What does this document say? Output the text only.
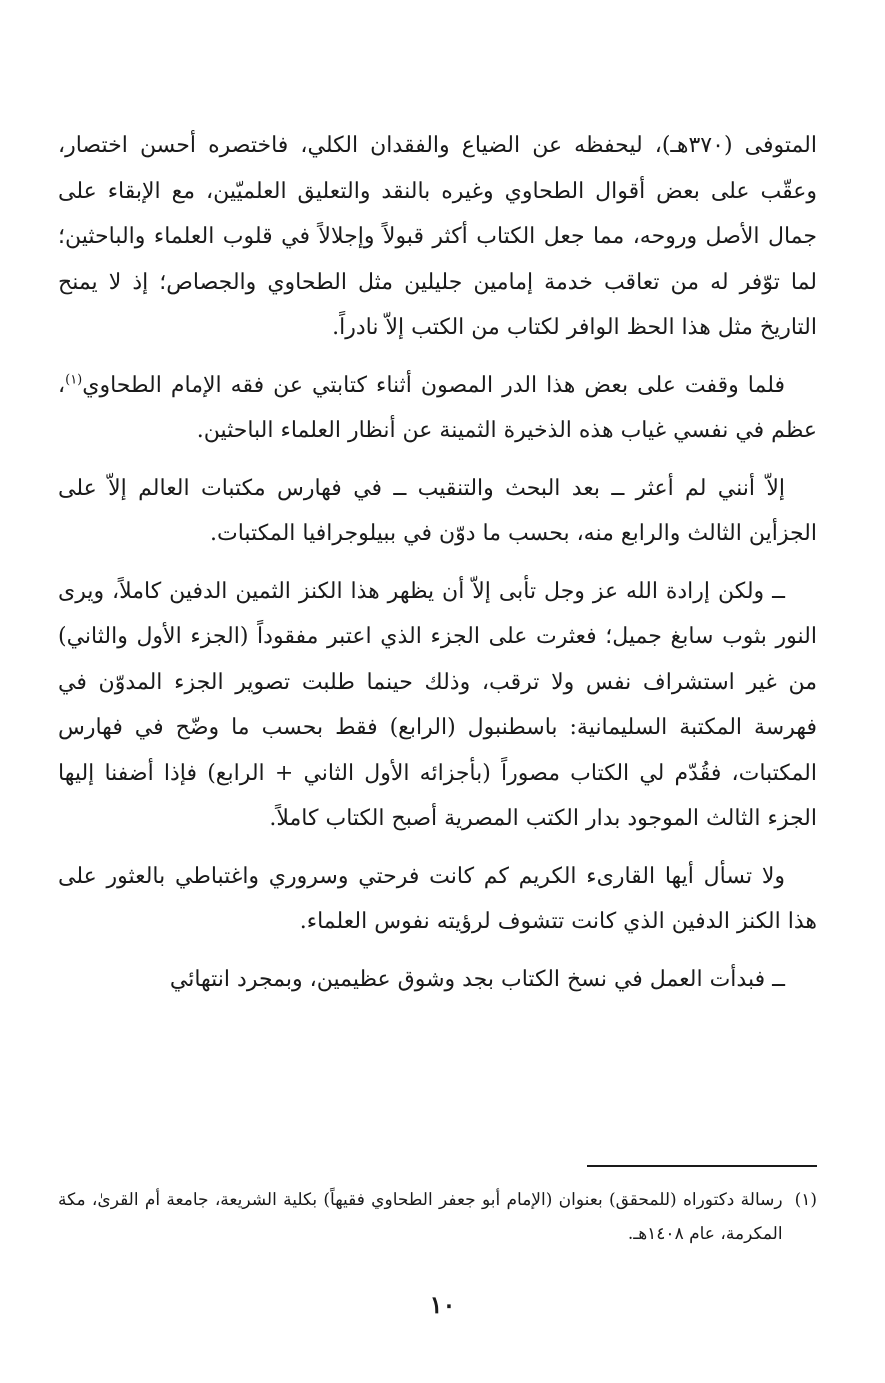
المتوفى (٣٧٠هـ)، ليحفظه عن الضياع والفقدان الكلي، فاختصره أحسن اختصار، وعقّب على بعض أقوال الطحاوي وغيره بالنقد والتعليق العلميّين، مع الإبقاء على جمال الأصل وروحه، مما جعل الكتاب أكثر قبولاً وإجلالاً في قلوب العلماء والباحثين؛ لما توّفر له من تعاقب خدمة إمامين جليلين مثل الطحاوي والجصاص؛ إذ لا يمنح التاريخ مثل هذا الحظ الوافر لكتاب من الكتب إلاّ نادراً.

فلما وقفت على بعض هذا الدر المصون أثناء كتابتي عن فقه الإمام الطحاوي$^{(١)}$، عظم في نفسي غياب هذه الذخيرة الثمينة عن أنظار العلماء الباحثين.

إلاّ أنني لم أعثر ــ بعد البحث والتنقيب ــ في فهارس مكتبات العالم إلاّ على الجزأين الثالث والرابع منه، بحسب ما دوّن في ببيلوجرافيا المكتبات.

ــ ولكن إرادة الله عز وجل تأبى إلاّ أن يظهر هذا الكنز الثمين الدفين كاملاً، ويرى النور بثوب سابغ جميل؛ فعثرت على الجزء الذي اعتبر مفقوداً (الجزء الأول والثاني) من غير استشراف نفس ولا ترقب، وذلك حينما طلبت تصوير الجزء المدوّن في فهرسة المكتبة السليمانية: باسطنبول (الرابع) فقط بحسب ما وضّح في فهارس المكتبات، فقُدّم لي الكتاب مصوراً (بأجزائه الأول الثاني + الرابع) فإذا أضفنا إليها الجزء الثالث الموجود بدار الكتب المصرية أصبح الكتاب كاملاً.

ولا تسأل أيها القارىء الكريم كم كانت فرحتي وسروري واغتباطي بالعثور على هذا الكنز الدفين الذي كانت تتشوف لرؤيته نفوس العلماء.

ــ فبدأت العمل في نسخ الكتاب بجد وشوق عظيمين، وبمجرد انتهائي

(١)
رسالة دكتوراه (للمحقق) بعنوان (الإمام أبو جعفر الطحاوي فقيهاً) بكلية الشريعة، جامعة أم القرىٰ، مكة المكرمة، عام ١٤٠٨هـ.
١٠
